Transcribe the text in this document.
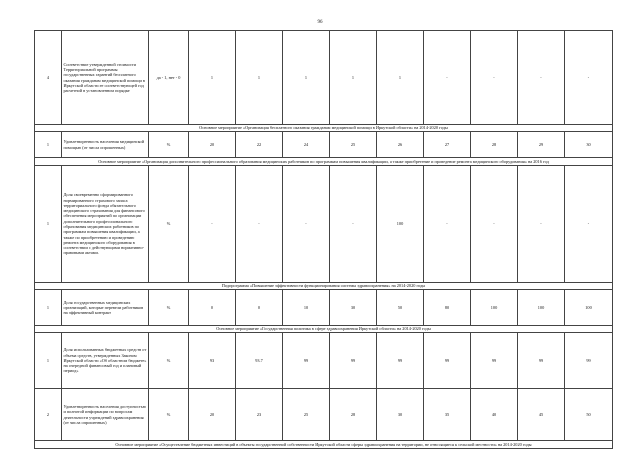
96
4	Соответствие утвержденной стоимости Территориальной программы государственных гарантий бесплатного оказания гражданам медицинской помощи в Иркутской области ее соответствующей год расчетной в установленном порядке	да - 1, нет - 0	1	1	1	1	1	-	-	-	-
Основное мероприятие «Организация бесплатного оказания гражданам медицинской помощи в Иркутской области» на 2014-2020 годы											
1	Удовлетворенность населения медицинской помощью (от числа опрошенных)	%	20	22	24	25	26	27	28	29	30
Основное мероприятие «Организация дополнительного профессионального образования медицинских работников по программам повышения квалификации, а также приобретение и проведение ремонта медицинского оборудования» на 2016 год											
1	Доля своевременно сформированного нормированного страхового запаса территориального фонда обязательного медицинского страхования для финансового обеспечения мероприятий по организации дополнительного профессионального образования медицинских работников по программам повышения квалификации, а также по приобретению и проведению ремонта медицинского оборудования в соответствии с действующими нормативно-правовыми актами.	%	-	-	-	-	100	-	-	-	-
Подпрограмма «Повышение эффективности функционирования системы здравоохранения» на 2014-2020 годы											
1	Доля государственных медицинских организаций, которые перевели работников на эффективный контракт	%	0	0	10	30	50	80	100	100	100
Основное мероприятие «Государственная политика в сфере здравоохранения Иркутской области» на 2014-2020 годы											
1	Доля использованных бюджетных средств от объема средств, утвержденных Законом Иркутской области «Об областном бюджете» на очередной финансовый год и плановый период»	%	93	93.7	99	99	99	99	99	99	99
2	Удовлетворенность населения доступностью и полнотой информации по вопросам деятельности учреждений здравоохранения (от числа опрошенных)	%	20	23	25	28	30	35	40	45	50
Основное мероприятие «Осуществление бюджетных инвестиций в объекты государственной собственности Иркутской области сферы здравоохранения на территории, не относящиеся к сельской местности» на 2014-2020 годы											
